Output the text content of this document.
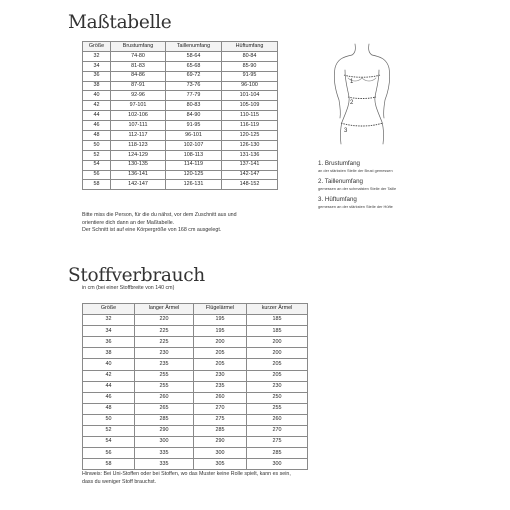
Maßtabelle
Größe	Brustumfang	Taillenumfang	Hüftumfang
32	74-80	58-64	80-84
34	81-83	65-68	85-90
36	84-86	69-72	91-95
38	87-91	73-76	96-100
40	92-96	77-79	101-104
42	97-101	80-83	105-109
44	102-106	84-90	110-115
46	107-111	91-95	116-119
48	112-117	96-101	120-125
50	118-123	102-107	126-130
52	124-129	108-113	131-136
54	130-135	114-119	137-141
56	136-141	120-125	142-147
58	142-147	126-131	148-152
Bitte miss die Person, für die du nähst, vor dem Zuschnitt aus und
orientiere dich dann an der Maßtabelle.
Der Schnitt ist auf eine Körpergröße von 168 cm ausgelegt.
1
2
3
1. Brustumfang
an der stärksten Stelle der Brust gemessen
2. Taillenumfang
gemessen an der schmalsten Stelle der Taille
3. Hüftumfang
gemessen an der stärksten Stelle der Hüfte
Stoffverbrauch
in cm (bei einer Stoffbreite von 140 cm)
Größe	langer Ärmel	Flügelärmel	kurzer Ärmel
32	220	195	185
34	225	195	185
36	225	200	200
38	230	205	200
40	235	205	205
42	255	230	205
44	255	235	230
46	260	260	250
48	265	270	255
50	285	275	260
52	290	285	270
54	300	290	275
56	335	300	285
58	335	305	300
Hinweis: Bei Uni-Stoffen oder bei Stoffen, wo das Muster keine Rolle spielt, kann es sein,
dass du weniger Stoff brauchst.
